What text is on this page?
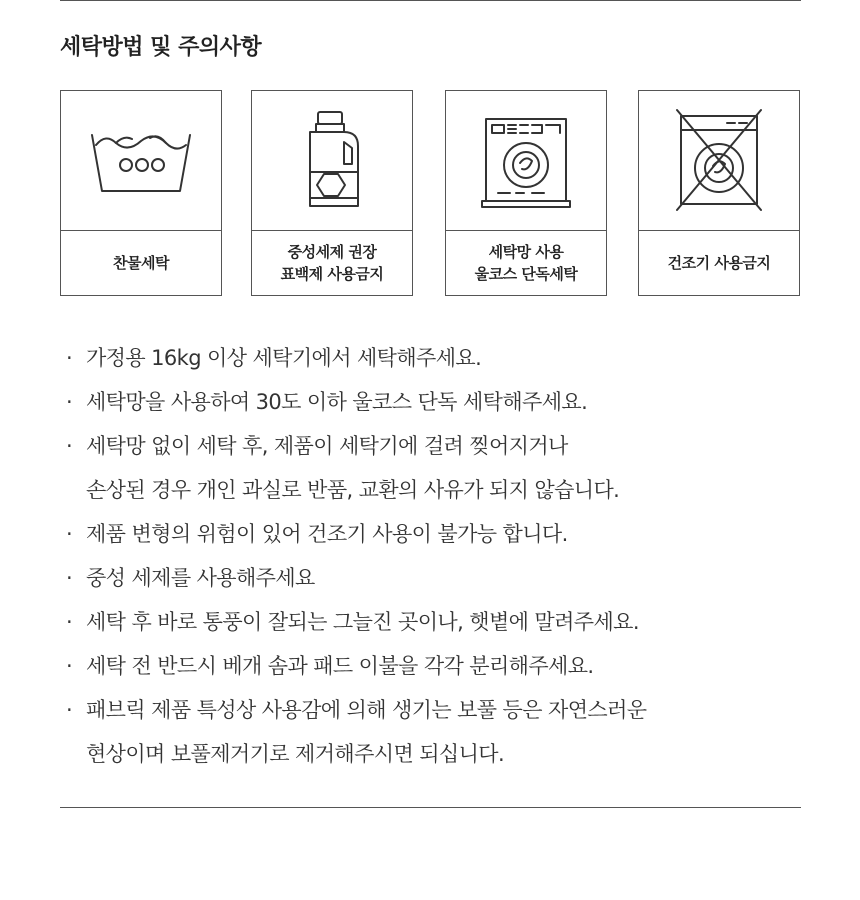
세탁방법 및 주의사항
찬물세탁
중성세제 권장
표백제 사용금지
세탁망 사용
울코스 단독세탁
건조기 사용금지
· 가정용 16kg 이상 세탁기에서 세탁해주세요.
· 세탁망을 사용하여 30도 이하 울코스 단독 세탁해주세요.
· 세탁망 없이 세탁 후, 제품이 세탁기에 걸려 찢어지거나
손상된 경우 개인 과실로 반품, 교환의 사유가 되지 않습니다.
· 제품 변형의 위험이 있어 건조기 사용이 불가능 합니다.
· 중성 세제를 사용해주세요
· 세탁 후 바로 통풍이 잘되는 그늘진 곳이나, 햇볕에 말려주세요.
· 세탁 전 반드시 베개 솜과 패드 이불을 각각 분리해주세요.
· 패브릭 제품 특성상 사용감에 의해 생기는 보풀 등은 자연스러운
현상이며 보풀제거기로 제거해주시면 되십니다.
